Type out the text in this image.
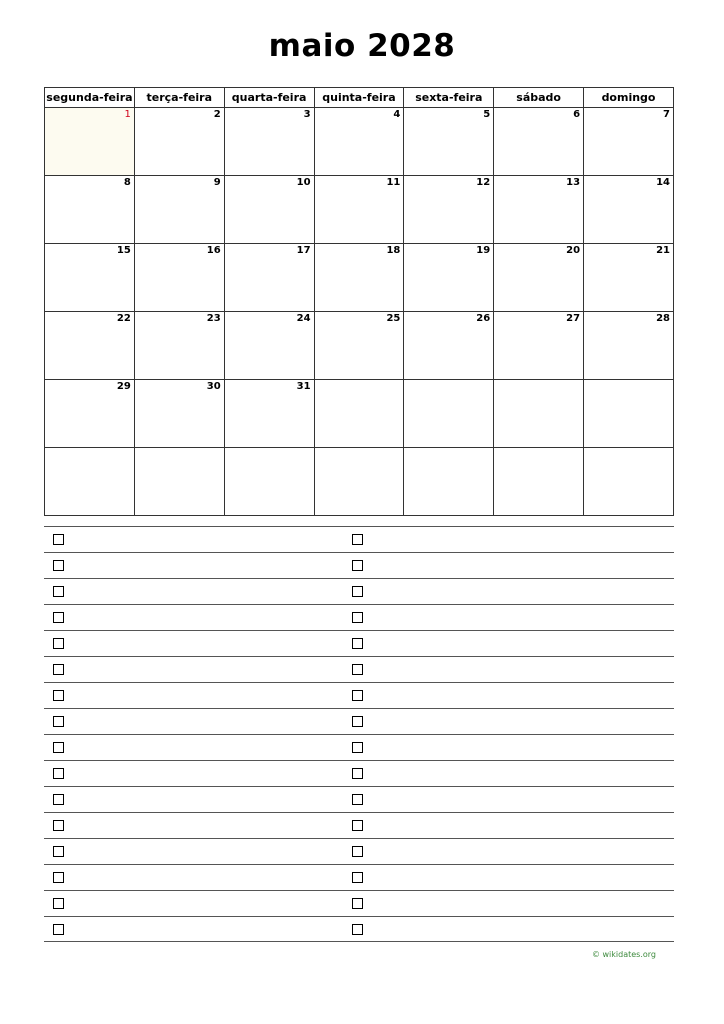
maio 2028
segunda-feira	terça-feira	quarta-feira	quinta-feira	sexta-feira	sábado	domingo

1	2	3	4	5	6	7

8	9	10	11	12	13	14

15	16	17	18	19	20	21

22	23	24	25	26	27	28

29	30	31				

© wikidates.org
